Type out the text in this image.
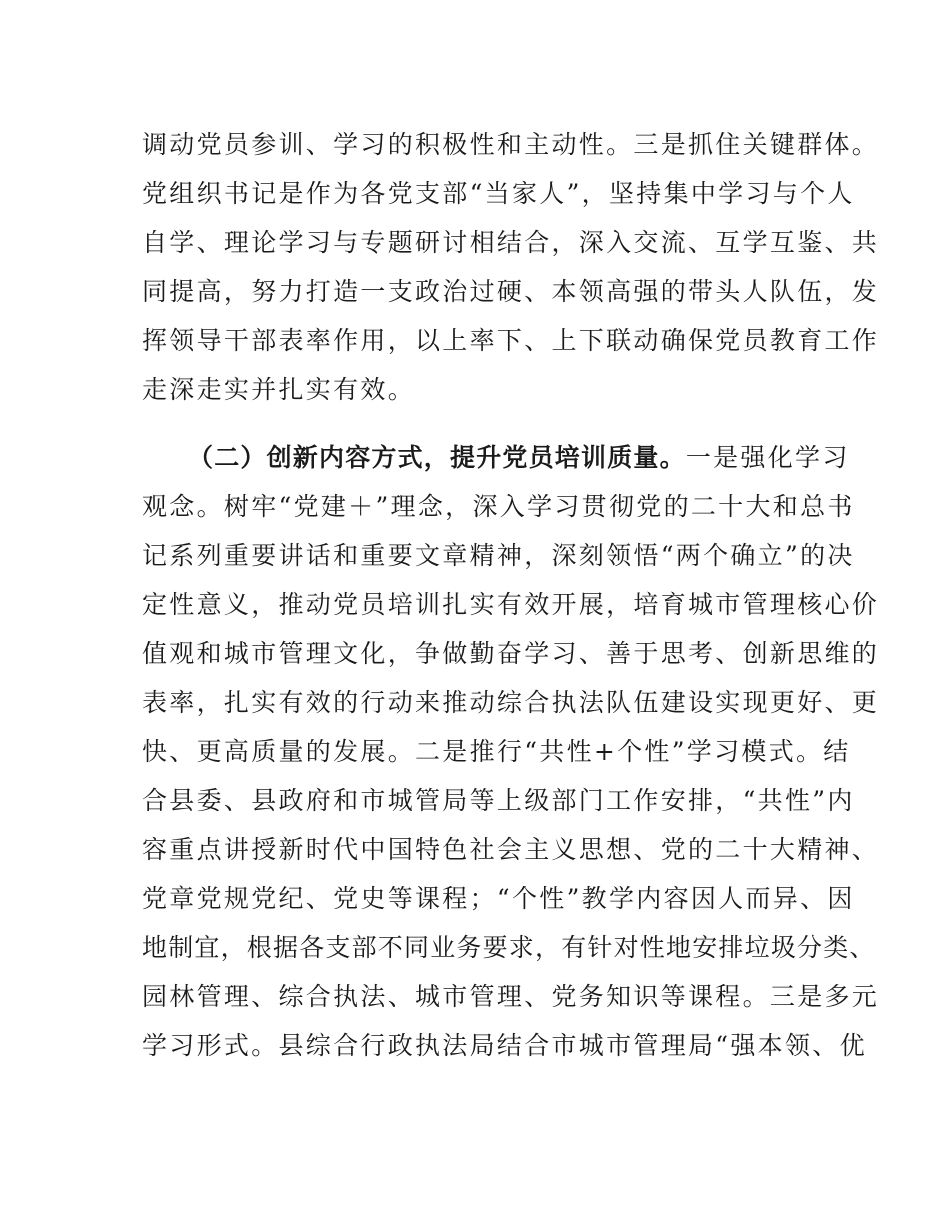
调动党员参训、学习的积极性和主动性。三是抓住关键群体。
党组织书记是作为各党支部“当家人”，坚持集中学习与个人
自学、理论学习与专题研讨相结合，深入交流、互学互鉴、共
同提高，努力打造一支政治过硬、本领高强的带头人队伍，发
挥领导干部表率作用，以上率下、上下联动确保党员教育工作
走深走实并扎实有效。
（二）创新内容方式，提升党员培训质量。一是强化学习
观念。树牢“党建＋”理念，深入学习贯彻党的二十大和总书
记系列重要讲话和重要文章精神，深刻领悟“两个确立”的决
定性意义，推动党员培训扎实有效开展，培育城市管理核心价
值观和城市管理文化，争做勤奋学习、善于思考、创新思维的
表率，扎实有效的行动来推动综合执法队伍建设实现更好、更
快、更高质量的发展。二是推行“共性+个性”学习模式。结
合县委、县政府和市城管局等上级部门工作安排，“共性”内
容重点讲授新时代中国特色社会主义思想、党的二十大精神、
党章党规党纪、党史等课程；“个性”教学内容因人而异、因
地制宜，根据各支部不同业务要求，有针对性地安排垃圾分类、
园林管理、综合执法、城市管理、党务知识等课程。三是多元
学习形式。县综合行政执法局结合市城市管理局“强本领、优
